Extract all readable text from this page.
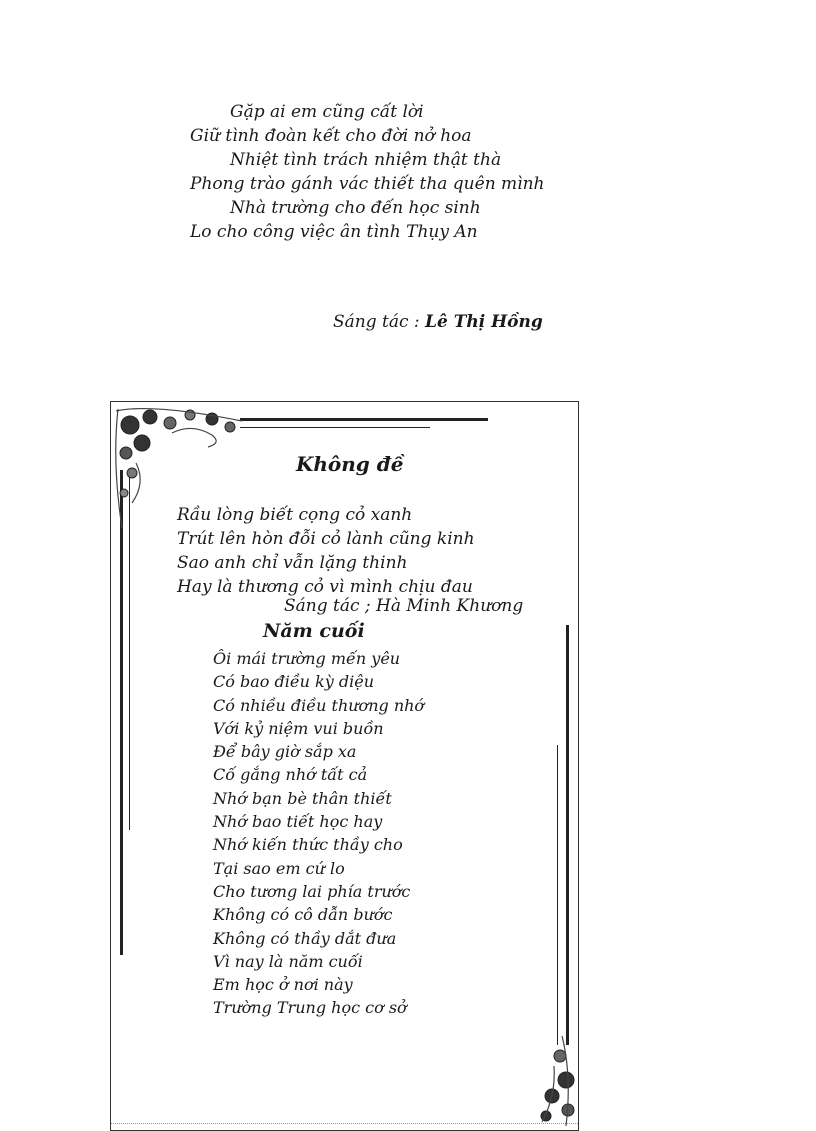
Gặp ai em cũng cất lời
Giữ tình đoàn kết cho đời nở hoa
Nhiệt tình trách nhiệm thật thà
Phong trào gánh vác thiết tha quên mình
Nhà trường cho đến học sinh
Lo cho công việc ân tình Thụy An
Sáng tác : Lê Thị Hồng
Không đề
Rầu lòng biết cọng cỏ xanh
Trút lên hòn đỗi cỏ lành cũng kinh
Sao anh chỉ vẫn lặng thinh
Hay là thương cỏ vì mình chịu đau
Sáng tác ; Hà Minh Khương
Năm cuối
Ôi mái trường mến yêu
Có bao điều kỳ diệu
Có nhiều điều thương nhớ
Với kỷ niệm vui buồn
Để bây giờ sắp xa
Cố gắng nhớ tất cả
Nhớ bạn bè thân thiết
Nhớ bao tiết học hay
Nhớ kiến thức thầy cho
Tại sao em cứ lo
Cho tương lai phía trước
Không có cô dẫn bước
Không có thầy dắt đưa
Vì nay là năm cuối
Em học ở nơi này
Trường Trung học cơ sở
